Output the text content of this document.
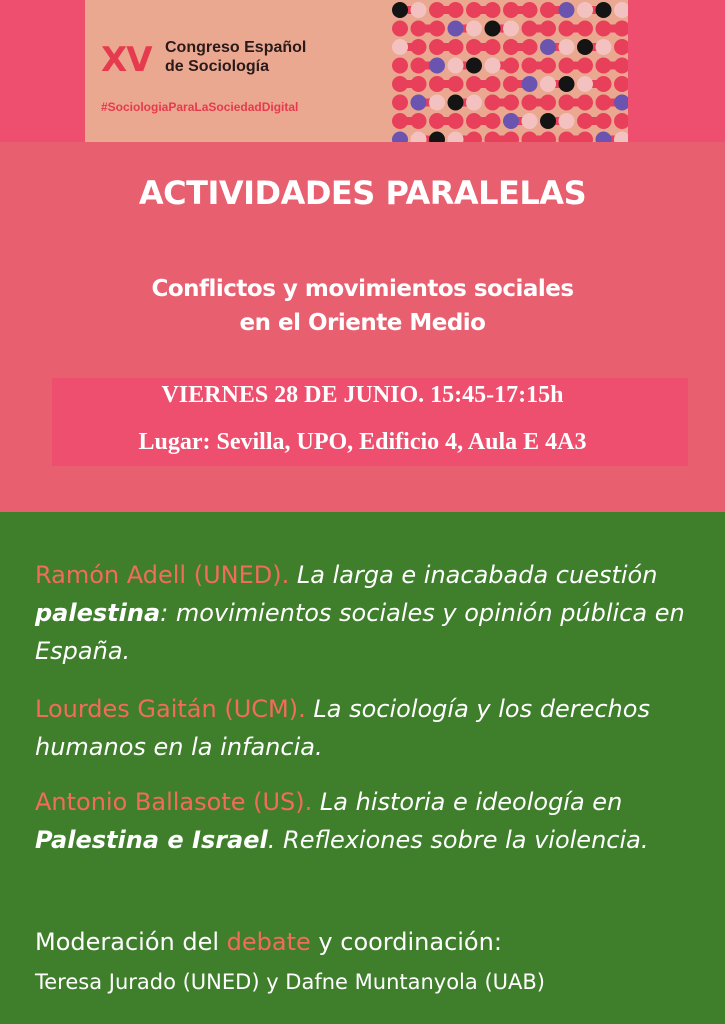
XV Congreso Español
de Sociología
#SociologiaParaLaSociedadDigital
ACTIVIDADES PARALELAS
Conflictos y movimientos sociales
en el Oriente Medio
VIERNES 28 DE JUNIO. 15:45-17:15h
Lugar: Sevilla, UPO, Edificio 4, Aula E 4A3
Ramón Adell (UNED). La larga e inacabada cuestión palestina: movimientos sociales y opinión pública en España.
Lourdes Gaitán (UCM). La sociología y los derechos humanos en la infancia.
Antonio Ballasote (US). La historia e ideología en Palestina e Israel. Reflexiones sobre la violencia.
Moderación del debate y coordinación:
Teresa Jurado (UNED) y Dafne Muntanyola (UAB)
